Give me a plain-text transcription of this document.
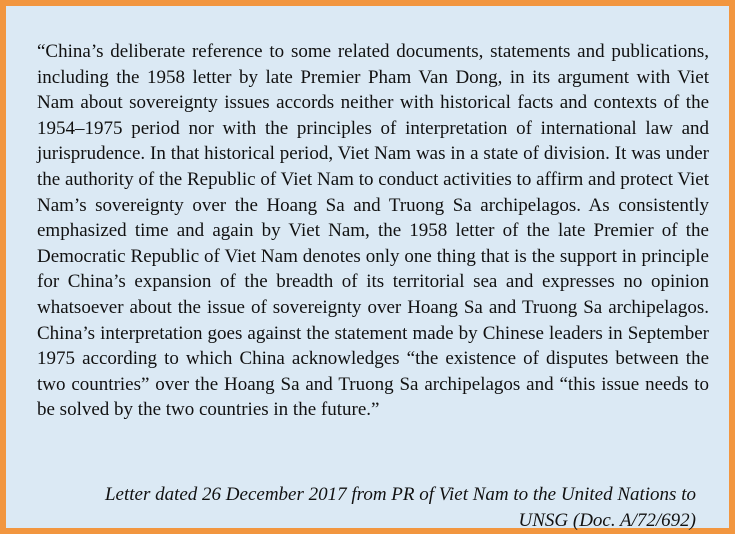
“China’s deliberate reference to some related documents, statements and publications, including the 1958 letter by late Premier Pham Van Dong, in its argument with Viet Nam about sovereignty issues accords neither with historical facts and contexts of the 1954–1975 period nor with the principles of interpretation of international law and jurisprudence. In that historical period, Viet Nam was in a state of division. It was under the authority of the Republic of Viet Nam to conduct activities to affirm and protect Viet Nam’s sovereignty over the Hoang Sa and Truong Sa archipelagos. As consistently emphasized time and again by Viet Nam, the 1958 letter of the late Premier of the Democratic Republic of Viet Nam denotes only one thing that is the support in principle for China’s expansion of the breadth of its territorial sea and expresses no opinion whatsoever about the issue of sovereignty over Hoang Sa and Truong Sa archipelagos. China’s interpretation goes against the statement made by Chinese leaders in September 1975 according to which China acknowledges “the existence of disputes between the two countries” over the Hoang Sa and Truong Sa archipelagos and “this issue needs to be solved by the two countries in the future.”

Letter dated 26 December 2017 from PR of Viet Nam to the United Nations to
UNSG (Doc. A/72/692)
